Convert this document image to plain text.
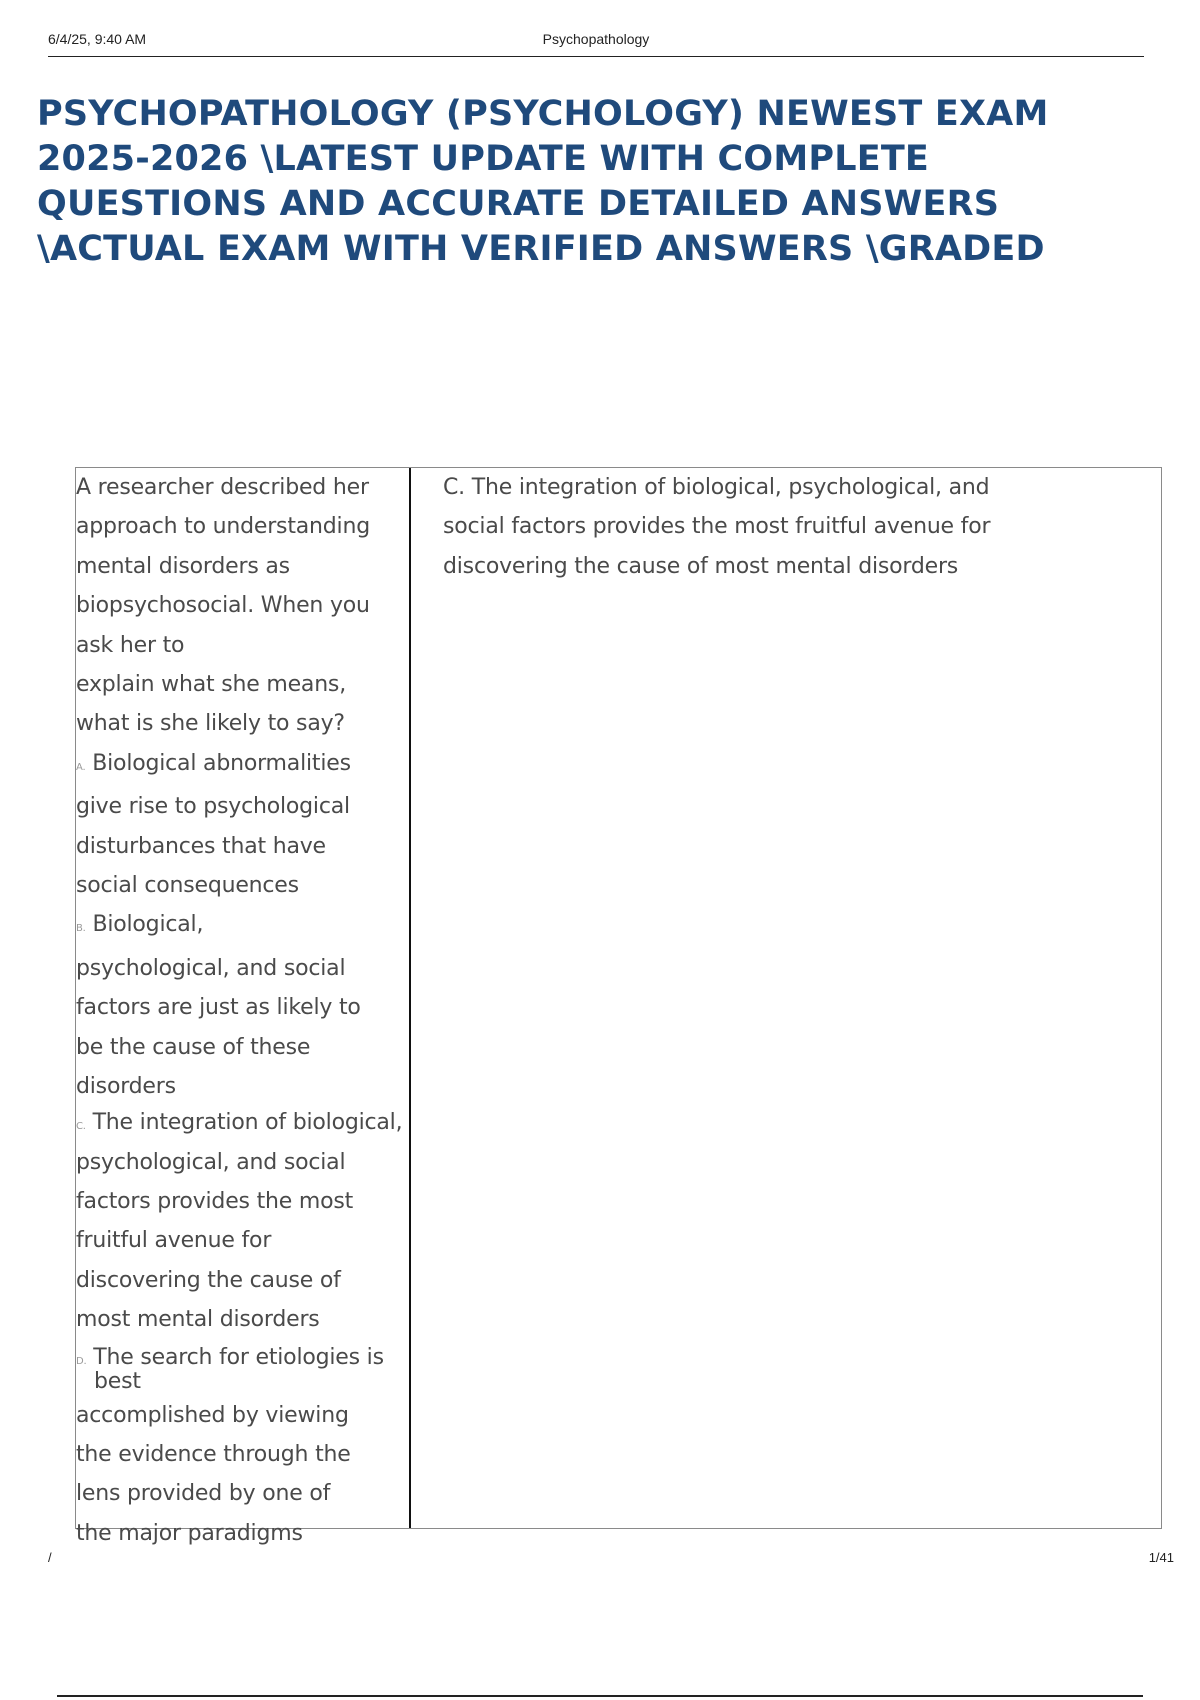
6/4/25, 9:40 AM	Psychopathology
PSYCHOPATHOLOGY (PSYCHOLOGY) NEWEST EXAM
2025-2026 \LATEST UPDATE WITH COMPLETE
QUESTIONS AND ACCURATE DETAILED ANSWERS
\ACTUAL EXAM WITH VERIFIED ANSWERS \GRADED
A researcher described her
approach to understanding
mental disorders as
biopsychosocial. When you
ask her to
explain what she means,
what is she likely to say?
A. Biological abnormalities
give rise to psychological
disturbances that have
social consequences
B. Biological,
psychological, and social
factors are just as likely to
be the cause of these
disorders
C. The integration of biological,
psychological, and social
factors provides the most
fruitful avenue for
discovering the cause of
most mental disorders
D. The search for etiologies is
best
accomplished by viewing
the evidence through the
lens provided by one of
the major paradigms
C. The integration of biological, psychological, and
social factors provides the most fruitful avenue for
discovering the cause of most mental disorders
/	1/41
